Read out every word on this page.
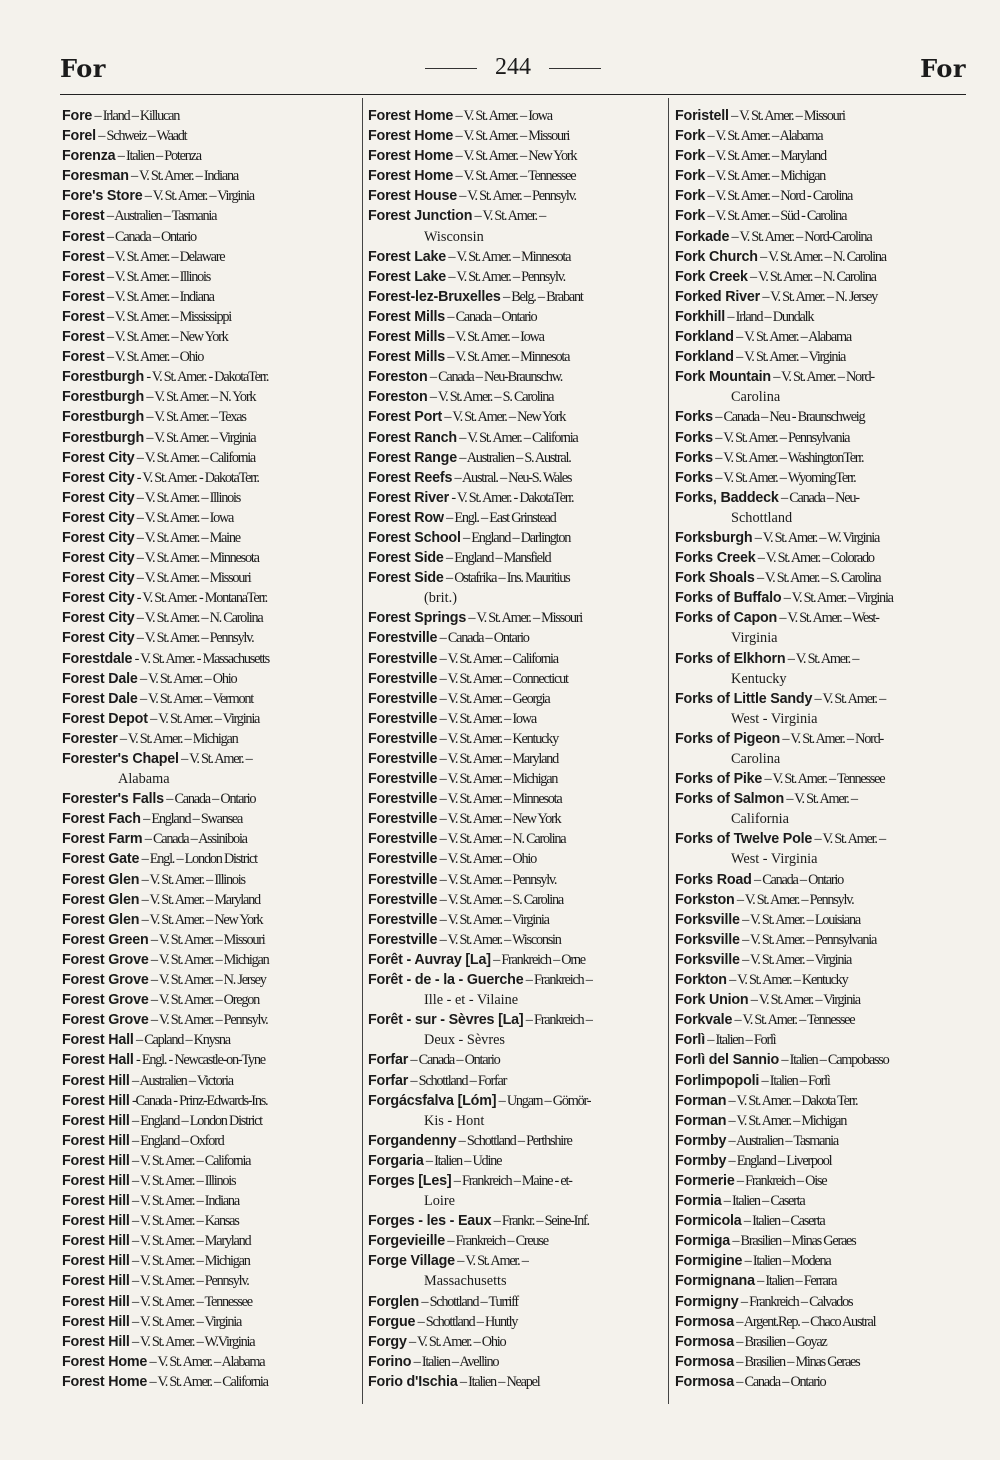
For	244	For
Fore – Irland – Killucan
Forel – Schweiz – Waadt
Forenza – Italien – Potenza
Foresman – V. St. Amer. – Indiana
Fore's Store – V. St. Amer. – Virginia
Forest – Australien – Tasmania
Forest – Canada – Ontario
Forest – V. St. Amer. – Delaware
Forest – V. St. Amer. – Illinois
Forest – V. St. Amer. – Indiana
Forest – V. St. Amer. – Mississippi
Forest – V. St. Amer. – New York
Forest – V. St. Amer. – Ohio
Forestburgh - V. St. Amer. - DakotaTerr.
Forestburgh – V. St. Amer. – N. York
Forestburgh – V. St. Amer. – Texas
Forestburgh – V. St. Amer. – Virginia
Forest City – V. St. Amer. – California
Forest City - V. St. Amer. - DakotaTerr.
Forest City – V. St. Amer. – Illinois
Forest City – V. St. Amer. – Iowa
Forest City – V. St. Amer. – Maine
Forest City – V. St. Amer. – Minnesota
Forest City – V. St. Amer. – Missouri
Forest City - V. St. Amer. - MontanaTerr.
Forest City – V. St. Amer. – N. Carolina
Forest City – V. St. Amer. – Pennsylv.
Forestdale - V. St. Amer. - Massachusetts
Forest Dale – V. St. Amer. – Ohio
Forest Dale – V. St. Amer. – Vermont
Forest Depot – V. St. Amer. – Virginia
Forester – V. St. Amer. – Michigan
Forester's Chapel – V. St. Amer. –
Alabama
Forester's Falls – Canada – Ontario
Forest Fach – England – Swansea
Forest Farm – Canada – Assiniboia
Forest Gate – Engl. – London District
Forest Glen – V. St. Amer. – Illinois
Forest Glen – V. St. Amer. – Maryland
Forest Glen – V. St. Amer. – New York
Forest Green – V. St. Amer. – Missouri
Forest Grove – V. St. Amer. – Michigan
Forest Grove – V. St. Amer. – N. Jersey
Forest Grove – V. St. Amer. – Oregon
Forest Grove – V. St. Amer. – Pennsylv.
Forest Hall – Capland – Knysna
Forest Hall - Engl. - Newcastle-on-Tyne
Forest Hill – Australien – Victoria
Forest Hill -Canada - Prinz-Edwards-Ins.
Forest Hill – England – London District
Forest Hill – England – Oxford
Forest Hill – V. St. Amer. – California
Forest Hill – V. St. Amer. – Illinois
Forest Hill – V. St. Amer. – Indiana
Forest Hill – V. St. Amer. – Kansas
Forest Hill – V. St. Amer. – Maryland
Forest Hill – V. St. Amer. – Michigan
Forest Hill – V. St. Amer. – Pennsylv.
Forest Hill – V. St. Amer. – Tennessee
Forest Hill – V. St. Amer. – Virginia
Forest Hill – V. St. Amer. – W.Virginia
Forest Home – V. St. Amer. – Alabama
Forest Home – V. St. Amer. – California
Forest Home – V. St. Amer. – Iowa
Forest Home – V. St. Amer. – Missouri
Forest Home – V. St. Amer. – New York
Forest Home – V. St. Amer. – Tennessee
Forest House – V. St. Amer. – Pennsylv.
Forest Junction – V. St. Amer. –
Wisconsin
Forest Lake – V. St. Amer. – Minnesota
Forest Lake – V. St. Amer. – Pennsylv.
Forest-lez-Bruxelles – Belg. – Brabant
Forest Mills – Canada – Ontario
Forest Mills – V. St. Amer. – Iowa
Forest Mills – V. St. Amer. – Minnesota
Foreston – Canada – Neu-Braunschw.
Foreston – V. St. Amer. – S. Carolina
Forest Port – V. St. Amer. – New York
Forest Ranch – V. St. Amer. – California
Forest Range – Australien – S. Austral.
Forest Reefs – Austral. – Neu-S. Wales
Forest River - V. St. Amer. - DakotaTerr.
Forest Row – Engl. – East Grinstead
Forest School – England – Darlington
Forest Side – England – Mansfield
Forest Side – Ostafrika – Ins. Mauritius
(brit.)
Forest Springs – V. St. Amer. – Missouri
Forestville – Canada – Ontario
Forestville – V. St. Amer. – California
Forestville – V. St. Amer. – Connecticut
Forestville – V. St. Amer. – Georgia
Forestville – V. St. Amer. – Iowa
Forestville – V. St. Amer. – Kentucky
Forestville – V. St. Amer. – Maryland
Forestville – V. St. Amer. – Michigan
Forestville – V. St. Amer. – Minnesota
Forestville – V. St. Amer. – New York
Forestville – V. St. Amer. – N. Carolina
Forestville – V. St. Amer. – Ohio
Forestville – V. St. Amer. – Pennsylv.
Forestville – V. St. Amer. – S. Carolina
Forestville – V. St. Amer. – Virginia
Forestville – V. St. Amer. – Wisconsin
Forêt - Auvray [La] – Frankreich – Orne
Forêt - de - la - Guerche – Frankreich –
Ille - et - Vilaine
Forêt - sur - Sèvres [La] – Frankreich –
Deux - Sèvres
Forfar – Canada – Ontario
Forfar – Schottland – Forfar
Forgácsfalva [Lóm] – Ungarn – Gömör-
Kis - Hont
Forgandenny – Schottland – Perthshire
Forgaria – Italien – Udine
Forges [Les] – Frankreich – Maine - et-
Loire
Forges - les - Eaux – Frankr. – Seine-Inf.
Forgevieille – Frankreich – Creuse
Forge Village – V. St. Amer. –
Massachusetts
Forglen – Schottland – Turriff
Forgue – Schottland – Huntly
Forgy – V. St. Amer. – Ohio
Forino – Italien – Avellino
Forio d'Ischia – Italien – Neapel
Foristell – V. St. Amer. – Missouri
Fork – V. St. Amer. – Alabama
Fork – V. St. Amer. – Maryland
Fork – V. St. Amer. – Michigan
Fork – V. St. Amer. – Nord - Carolina
Fork – V. St. Amer. – Süd - Carolina
Forkade – V. St. Amer. – Nord-Carolina
Fork Church – V. St. Amer. – N. Carolina
Fork Creek – V. St. Amer. – N. Carolina
Forked River – V. St. Amer. – N. Jersey
Forkhill – Irland – Dundalk
Forkland – V. St. Amer. – Alabama
Forkland – V. St. Amer. – Virginia
Fork Mountain – V. St. Amer. – Nord-
Carolina
Forks – Canada – Neu - Braunschweig
Forks – V. St. Amer. – Pennsylvania
Forks – V. St. Amer. – WashingtonTerr.
Forks – V. St. Amer. – WyomingTerr.
Forks, Baddeck – Canada – Neu-
Schottland
Forksburgh – V. St. Amer. – W. Virginia
Forks Creek – V. St. Amer. – Colorado
Fork Shoals – V. St. Amer. – S. Carolina
Forks of Buffalo – V. St. Amer. – Virginia
Forks of Capon – V. St. Amer. – West-
Virginia
Forks of Elkhorn – V. St. Amer. –
Kentucky
Forks of Little Sandy – V. St. Amer. –
West - Virginia
Forks of Pigeon – V. St. Amer. – Nord-
Carolina
Forks of Pike – V. St. Amer. – Tennessee
Forks of Salmon – V. St. Amer. –
California
Forks of Twelve Pole – V. St. Amer. –
West - Virginia
Forks Road – Canada – Ontario
Forkston – V. St. Amer. – Pennsylv.
Forksville – V. St. Amer. – Louisiana
Forksville – V. St. Amer. – Pennsylvania
Forksville – V. St. Amer. – Virginia
Forkton – V. St. Amer. – Kentucky
Fork Union – V. St. Amer. – Virginia
Forkvale – V. St. Amer. – Tennessee
Forlì – Italien – Forlì
Forlì del Sannio – Italien – Campobasso
Forlimpopoli – Italien – Forlì
Forman – V. St. Amer. – Dakota Terr.
Forman – V. St. Amer. – Michigan
Formby – Australien – Tasmania
Formby – England – Liverpool
Formerie – Frankreich – Oise
Formia – Italien – Caserta
Formicola – Italien – Caserta
Formiga – Brasilien – Minas Geraes
Formigine – Italien – Modena
Formignana – Italien – Ferrara
Formigny – Frankreich – Calvados
Formosa – Argent.Rep. – Chaco Austral
Formosa – Brasilien – Goyaz
Formosa – Brasilien – Minas Geraes
Formosa – Canada – Ontario
